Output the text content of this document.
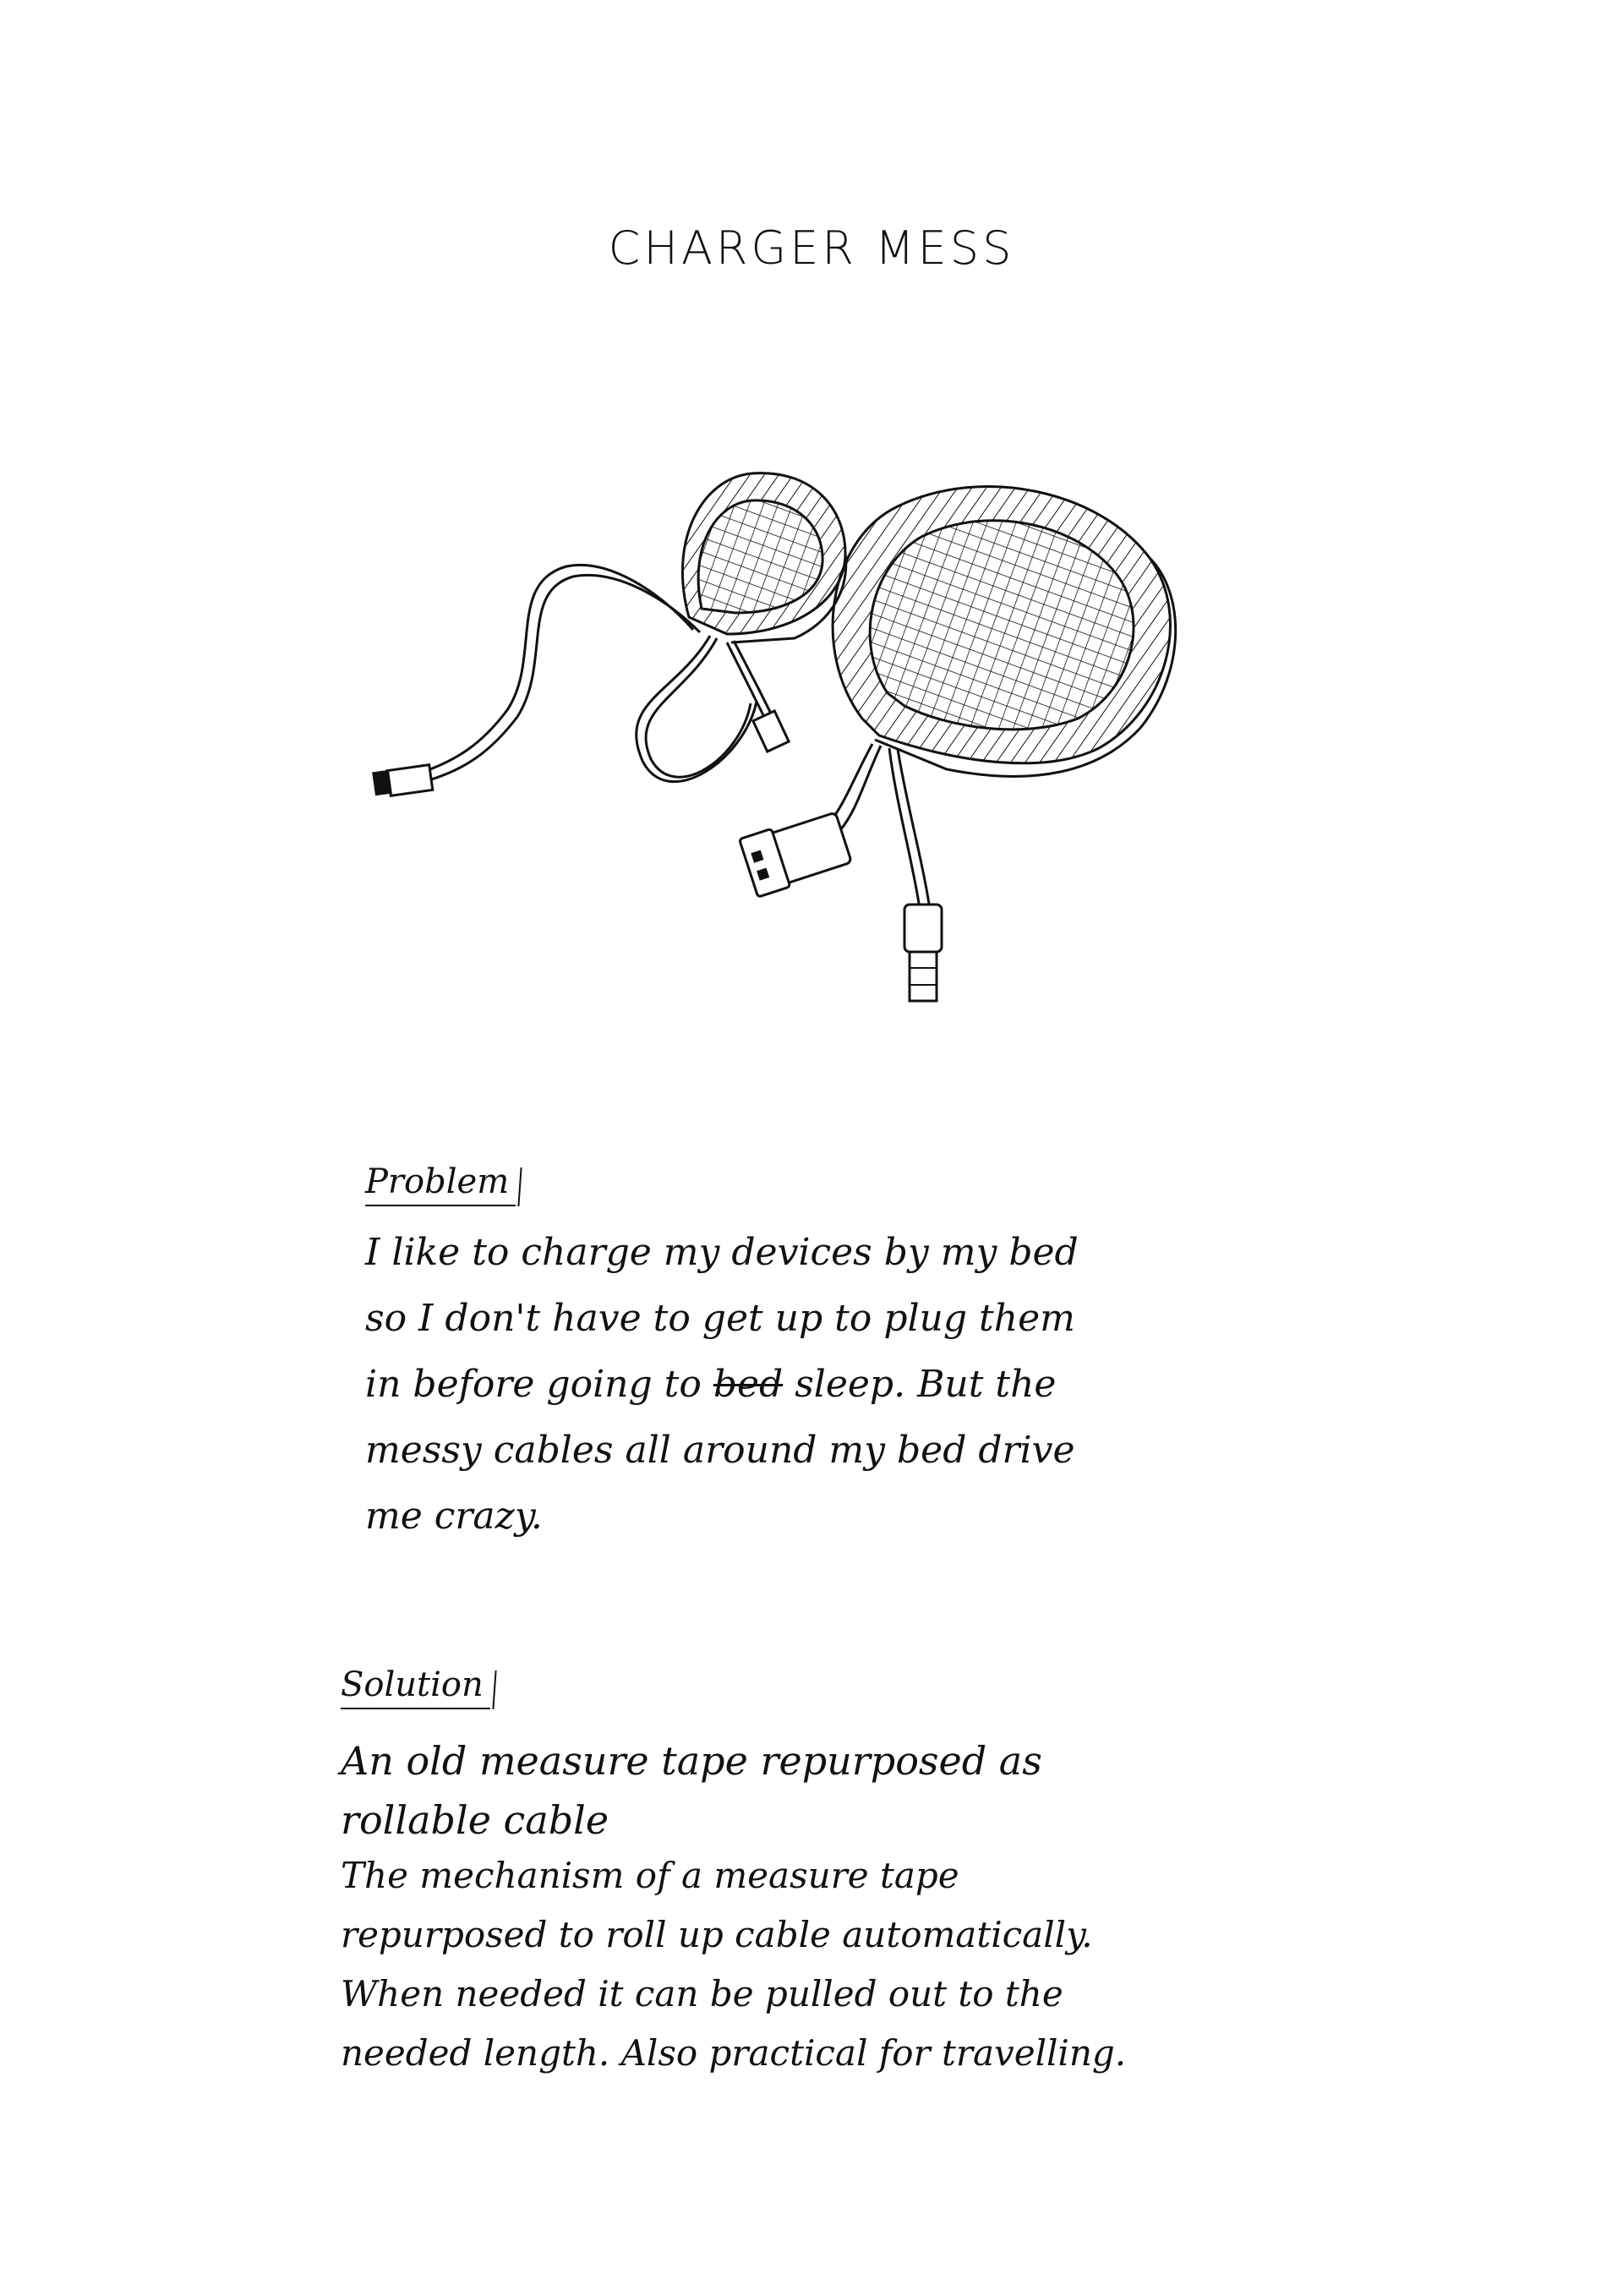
CHARGER MESS
Problem
I like to charge my devices by my bed
so I don't have to get up to plug them
in before going to bed sleep. But the
messy cables all around my bed drive
me crazy.
Solution
An old measure tape repurposed as
rollable cable
The mechanism of a measure tape
repurposed to roll up cable automatically.
When needed it can be pulled out to the
needed length. Also practical for travelling.
